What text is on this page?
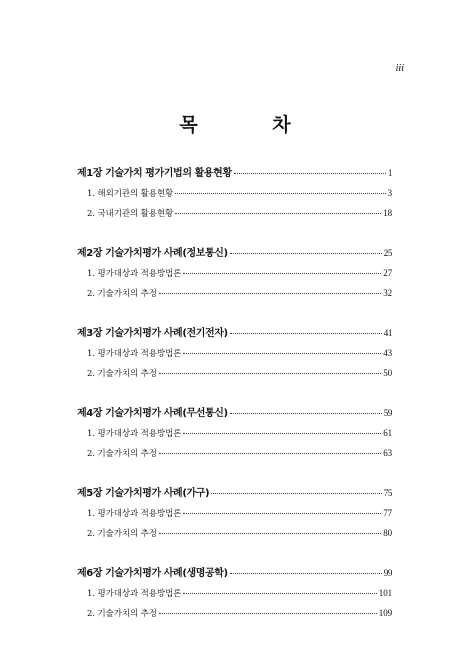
iii
목 차
제1장 기술가치 평가기법의 활용현황	1
1. 해외기관의 활용현황	3
2. 국내기관의 활용현황	18
제2장 기술가치평가 사례(정보통신)	25
1. 평가대상과 적용방법론	27
2. 기술가치의 추정	32
제3장 기술가치평가 사례(전기전자)	41
1. 평가대상과 적용방법론	43
2. 기술가치의 추정	50
제4장 기술가치평가 사례(무선통신)	59
1. 평가대상과 적용방법론	61
2. 기술가치의 추정	63
제5장 기술가치평가 사례(가구)	75
1. 평가대상과 적용방법론	77
2. 기술가치의 추정	80
제6장 기술가치평가 사례(생명공학)	99
1. 평가대상과 적용방법론	101
2. 기술가치의 추정	109
